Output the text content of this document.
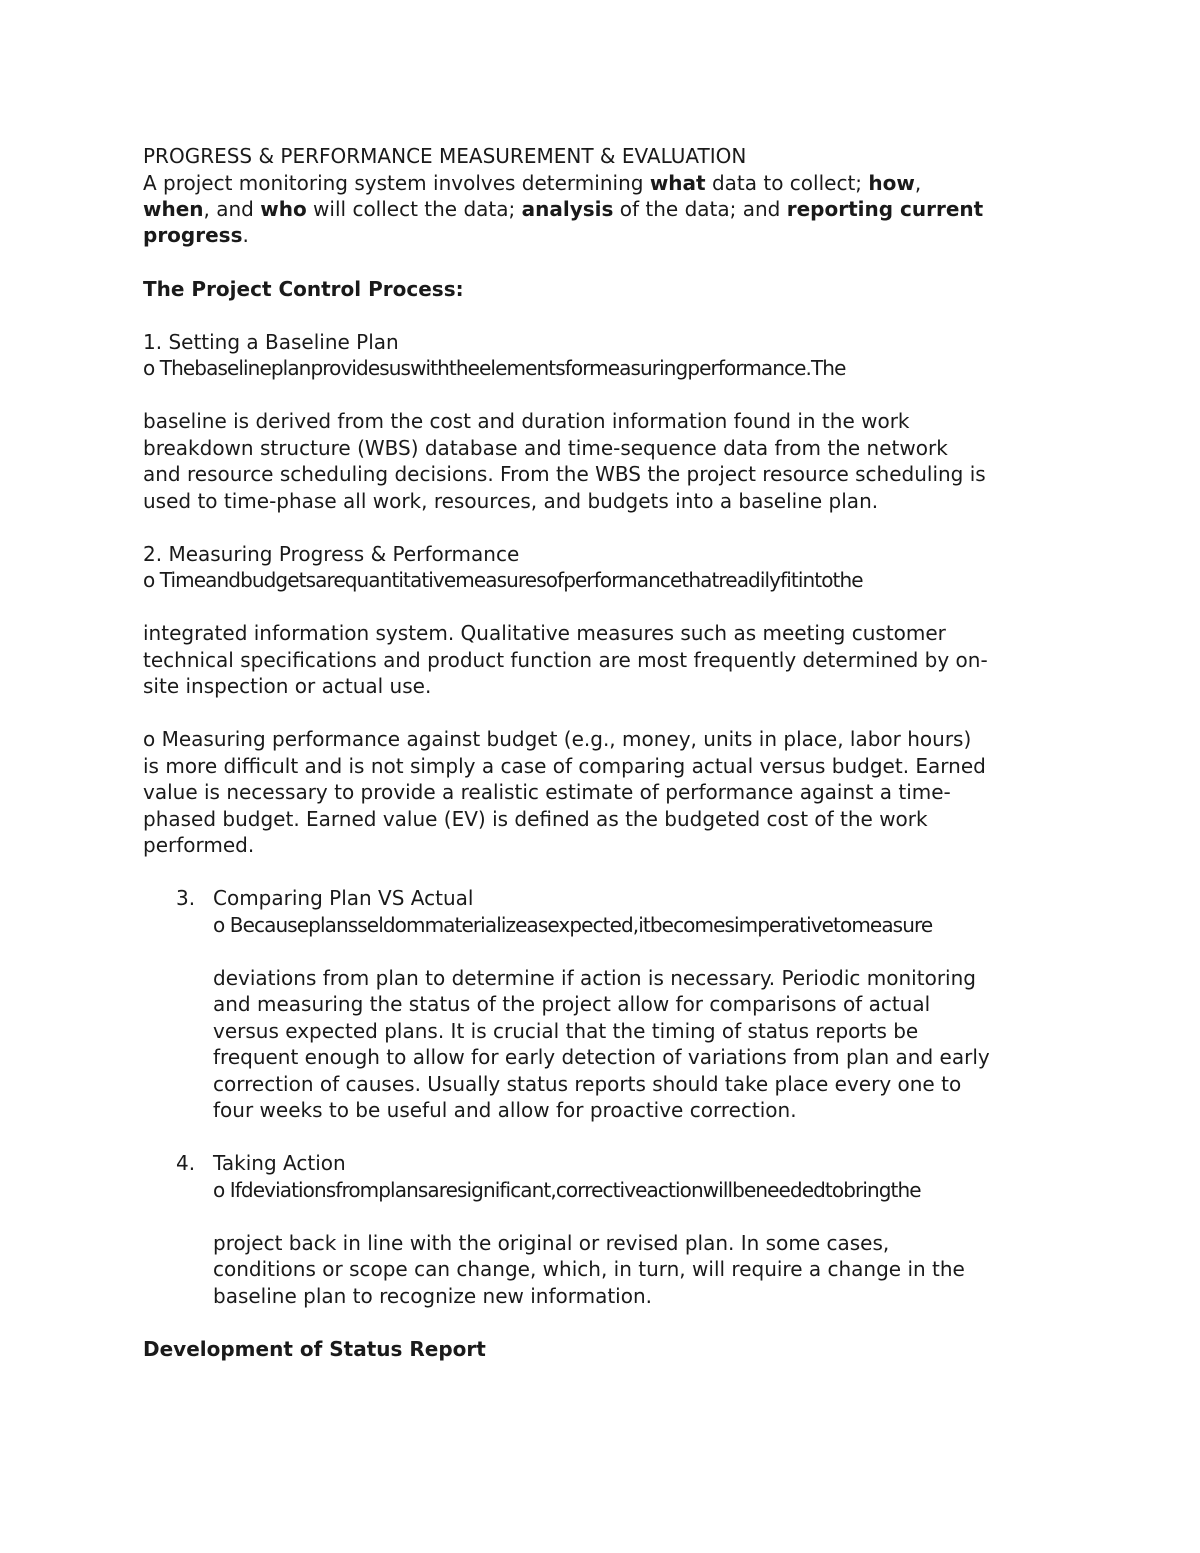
PROGRESS & PERFORMANCE MEASUREMENT & EVALUATION

A project monitoring system involves determining what data to collect; how,

when, and who will collect the data; analysis of the data; and reporting current

progress.

The Project Control Process:

1. Setting a Baseline Plan

o Thebaselineplanprovidesuswiththeelementsformeasuringperformance.The

baseline is derived from the cost and duration information found in the work

breakdown structure (WBS) database and time-sequence data from the network

and resource scheduling decisions. From the WBS the project resource scheduling is

used to time-phase all work, resources, and budgets into a baseline plan.

2. Measuring Progress & Performance

o Timeandbudgetsarequantitativemeasuresofperformancethatreadilyfitintothe

integrated information system. Qualitative measures such as meeting customer

technical specifications and product function are most frequently determined by on-

site inspection or actual use.

o Measuring performance against budget (e.g., money, units in place, labor hours)

is more difficult and is not simply a case of comparing actual versus budget. Earned

value is necessary to provide a realistic estimate of performance against a time-

phased budget. Earned value (EV) is defined as the budgeted cost of the work

performed.

3. Comparing Plan VS Actual

o Becauseplansseldommaterializeasexpected,itbecomesimperativetomeasure

deviations from plan to determine if action is necessary. Periodic monitoring

and measuring the status of the project allow for comparisons of actual

versus expected plans. It is crucial that the timing of status reports be

frequent enough to allow for early detection of variations from plan and early

correction of causes. Usually status reports should take place every one to

four weeks to be useful and allow for proactive correction.

4. Taking Action

o Ifdeviationsfromplansaresignificant,correctiveactionwillbeneededtobringthe

project back in line with the original or revised plan. In some cases,

conditions or scope can change, which, in turn, will require a change in the

baseline plan to recognize new information.

Development of Status Report
